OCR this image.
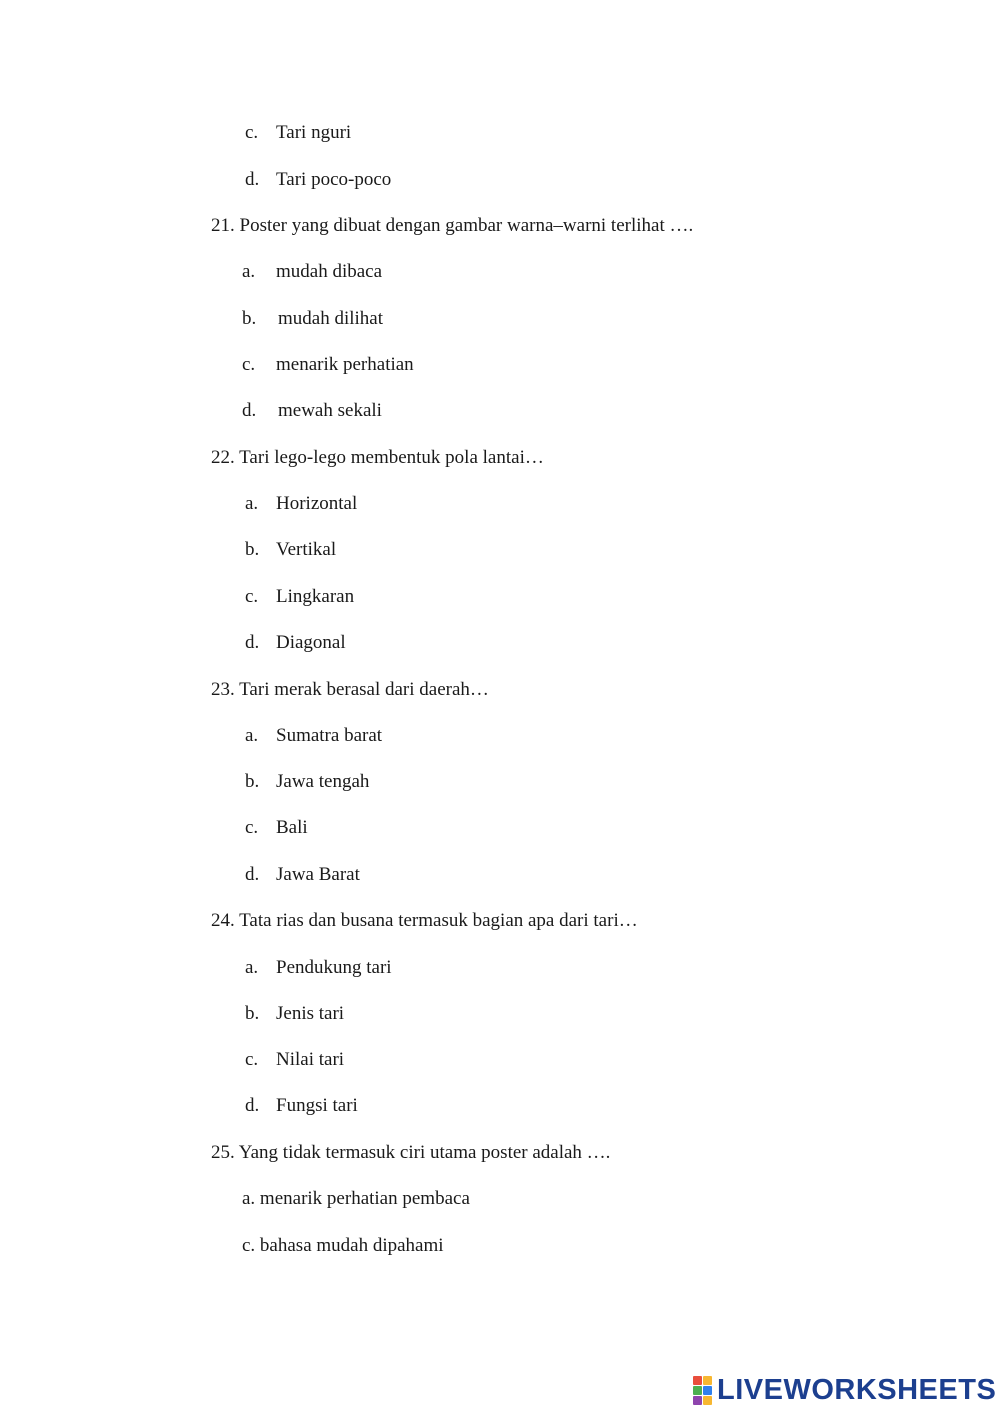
c. Tari nguri
d. Tari poco-poco
21. Poster yang dibuat dengan gambar warna–warni terlihat ….
a. mudah dibaca
b. mudah dilihat
c. menarik perhatian
d. mewah sekali
22. Tari lego-lego membentuk pola lantai…
a. Horizontal
b. Vertikal
c. Lingkaran
d. Diagonal
23. Tari merak berasal dari daerah…
a. Sumatra barat
b. Jawa tengah
c. Bali
d. Jawa Barat
24. Tata rias dan busana termasuk bagian apa dari tari…
a. Pendukung tari
b. Jenis tari
c. Nilai tari
d. Fungsi tari
25. Yang tidak termasuk ciri utama poster adalah ….
a. menarik perhatian pembaca
c. bahasa mudah dipahami
LIVEWORKSHEETS
